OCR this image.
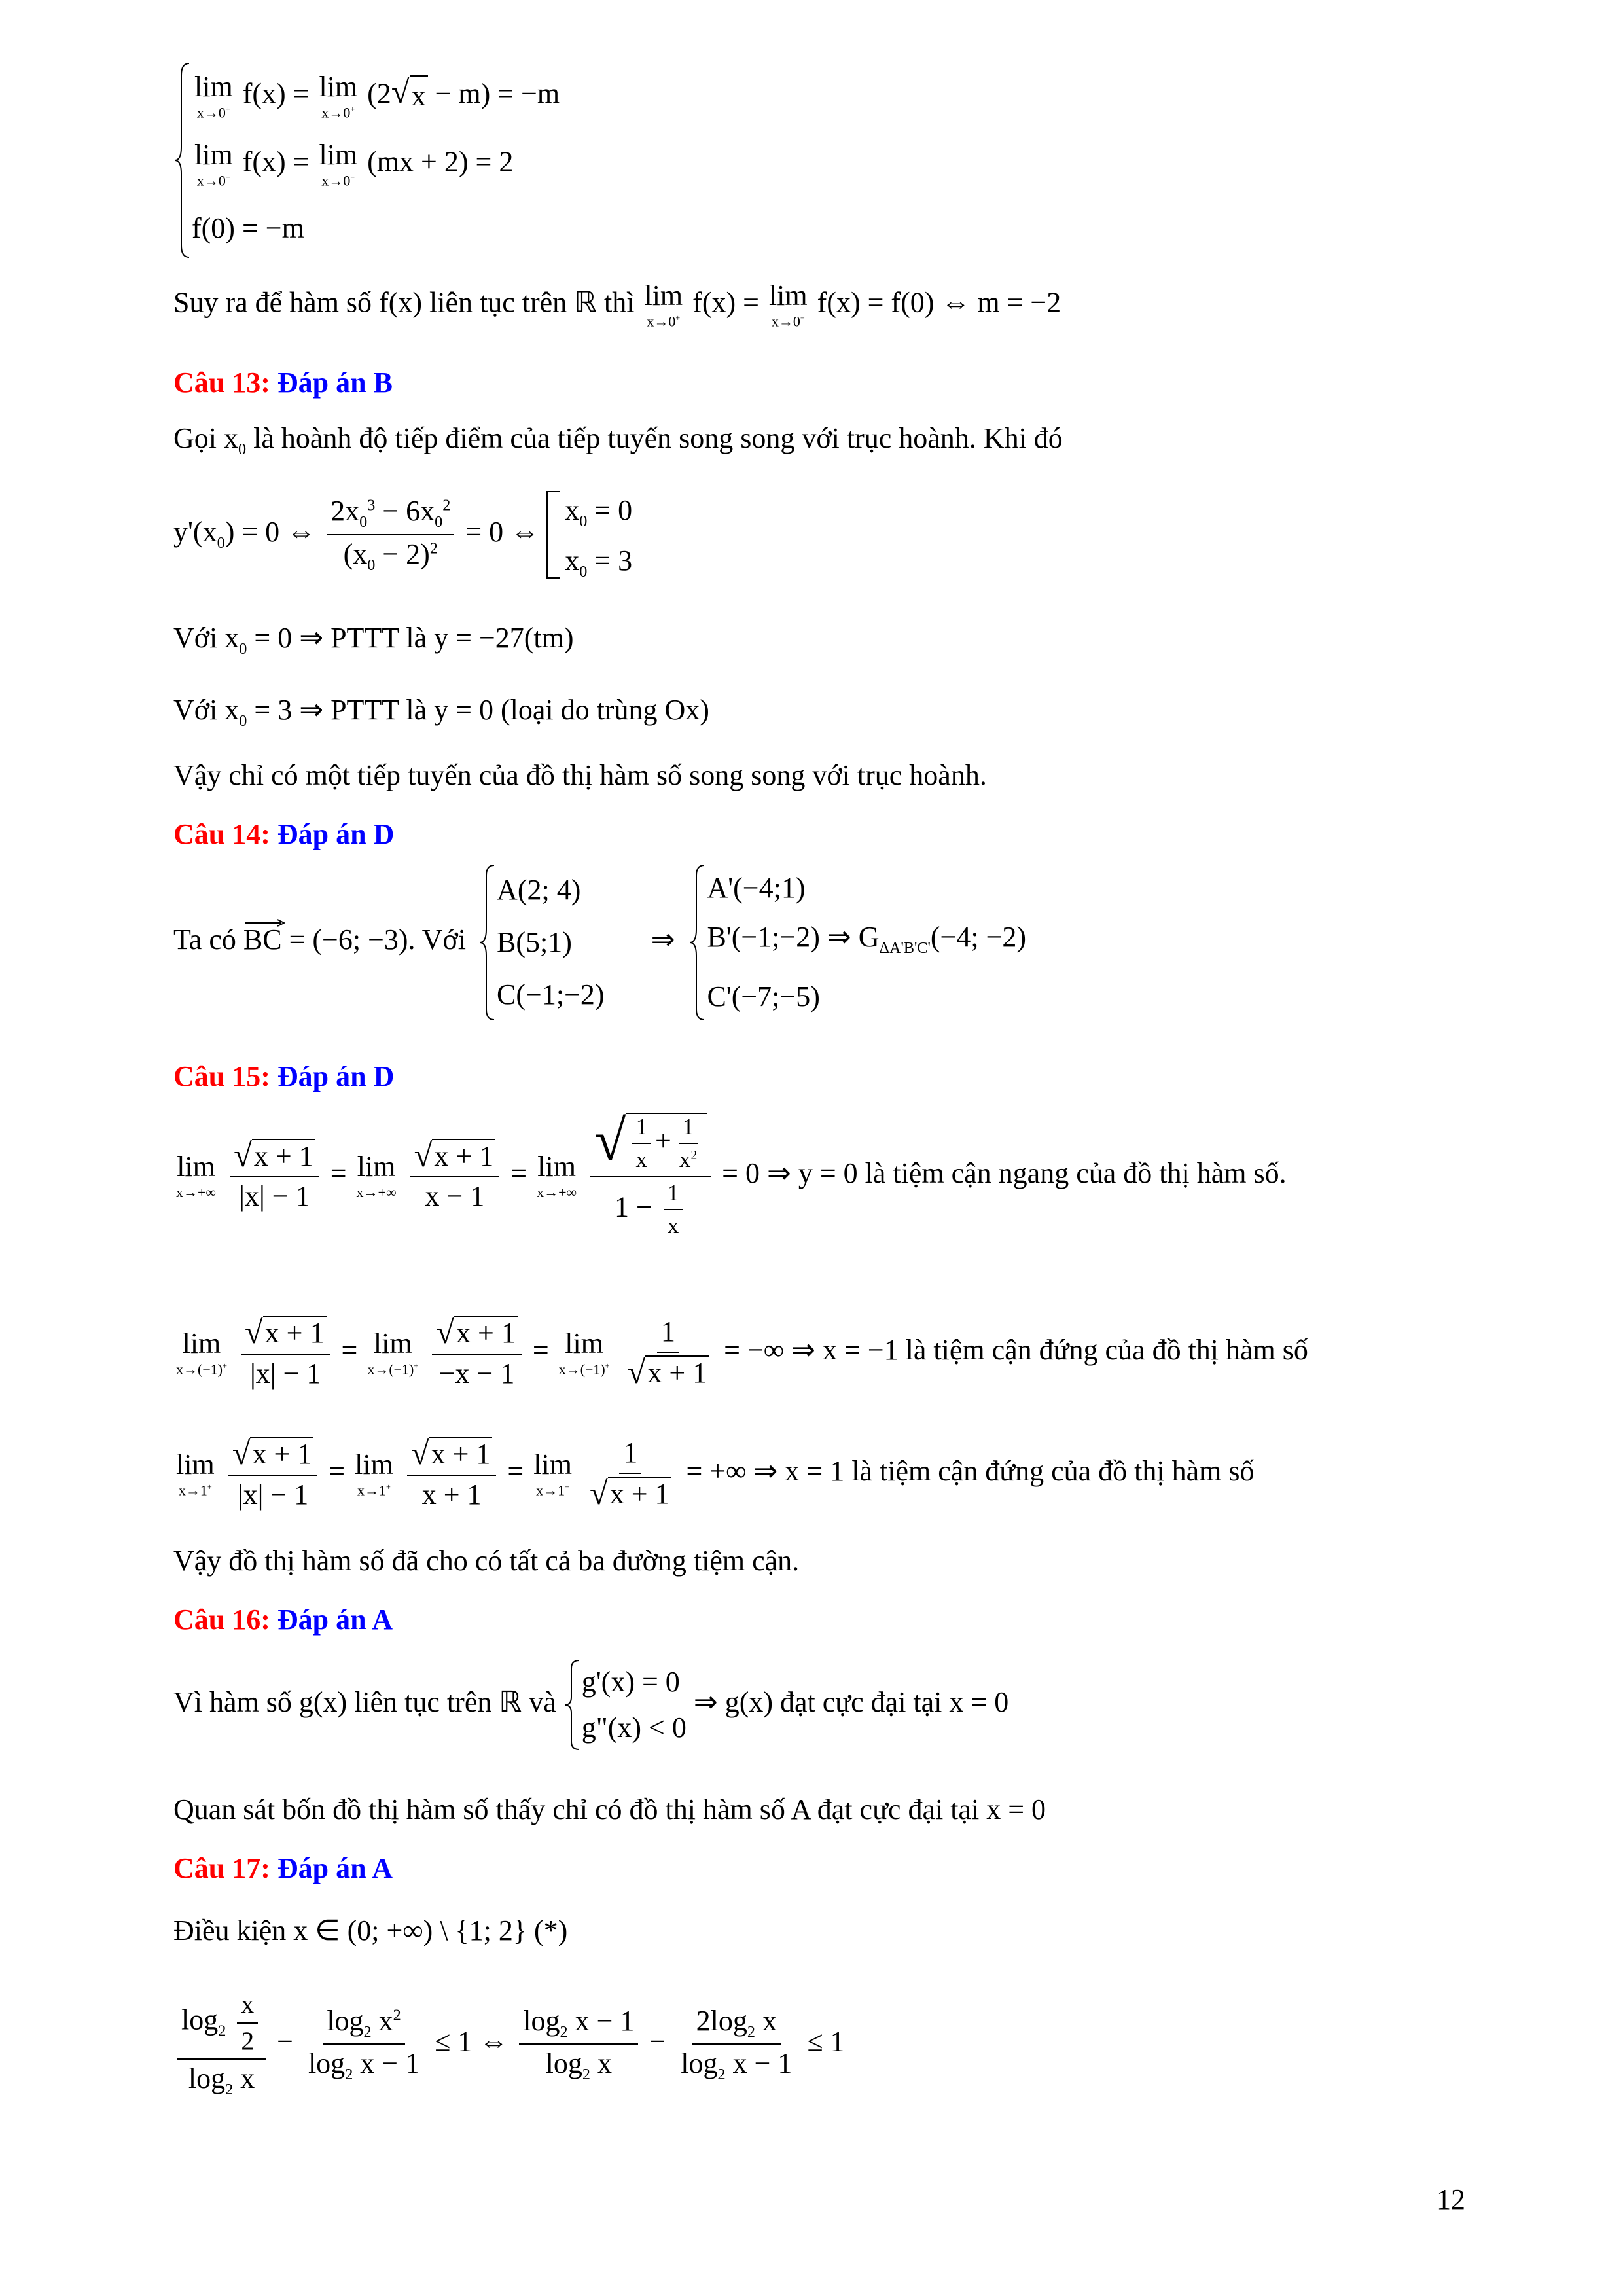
lim
x→0+ f(x) = lim
x→0+ (2 √ x − m) = −m
lim
x→0− f(x) = lim
x→0− (mx + 2) = 2
f(0) = −m
Suy ra để hàm số f(x) liên tục trên ℝ thì lim
x→0+ f(x) = lim
x→0− f(x) = f(0) ⇔ m = −2
Câu 13: Đáp án B
Gọi $x_0$ là hoành độ tiếp điểm của tiếp tuyến song song với trục hoành. Khi đó
$y'(x_0) = 0$ ⇔ $\frac{2x_0^3 - 6x_0^2}{(x_0 - 2)^2} = 0$ ⇔
$x_0 = 0$
$x_0 = 3$
Với $x_0 = 0$ ⇒ PTTT là y = −27(tm)
Với $x_0 = 3$ ⇒ PTTT là y = 0 (loại do trùng Ox)
Vậy chỉ có một tiếp tuyến của đồ thị hàm số song song với trục hoành.
Câu 14: Đáp án D
Ta có BC
= (−6; −3). Với
A(2; 4)
B(5;1)
C(−1;−2)
⇒
A'(−4;1)
B'(−1;−2) ⇒ $G_{\Delta A'B'C'}(-4$; −2)
C'(−7;−5)
Câu 15: Đáp án D
lim
x→+∞
$\frac{√ x + 1}{|x| - 1} = \lim$
x→+∞
$\frac{√ x + 1}{x - 1} = \lim$
x→+∞
$\frac{√ \frac{1}{x} + \frac{1}{x^2}}{1 - \frac{1}{x}} = 0$ ⇒ y = 0 là tiệm cận ngang của đồ thị hàm số.
lim
x→(−1)+
$\frac{√ x + 1}{|x| - 1} = \lim$
x→(−1)+
$\frac{√ x + 1}{-x - 1} = \lim$
x→(−1)+
$\frac{1}{√ x + 1}$ = −∞ ⇒ x = −1 là tiệm cận đứng của đồ thị hàm số
lim
x→1+
$\frac{√ x + 1}{|x| - 1} = \lim$
x→1+
$\frac{√ x + 1}{x + 1} = \lim$
x→1+
$\frac{1}{√ x + 1}$ = +∞ ⇒ x = 1 là tiệm cận đứng của đồ thị hàm số
Vậy đồ thị hàm số đã cho có tất cả ba đường tiệm cận.
Câu 16: Đáp án A
Vì hàm số g(x) liên tục trên ℝ và
g'(x) = 0
g"(x) < 0
⇒ g(x) đạt cực đại tại x = 0
Quan sát bốn đồ thị hàm số thấy chỉ có đồ thị hàm số A đạt cực đại tại x = 0
Câu 17: Đáp án A
Điều kiện x ∈ (0; +∞) \ {1; 2} (*)
$\frac{\log_2 \frac{x}{2}}{\log_2 x} - \frac{\log_2 x^2}{\log_2 x - 1} \le 1$ ⇔ $\frac{\log_2 x - 1}{\log_2 x} - \frac{2\log_2 x}{\log_2 x - 1} \le 1$
12
